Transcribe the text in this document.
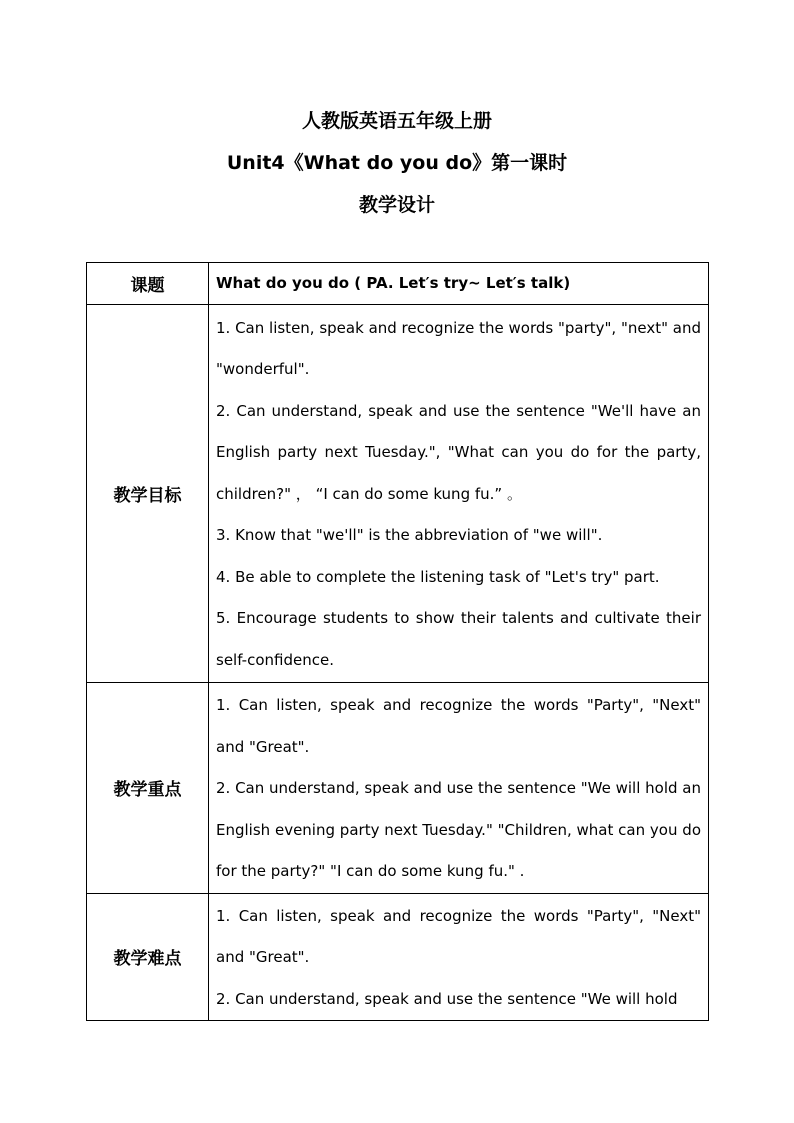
人教版英语五年级上册
Unit4《What do you do》第一课时
教学设计
课题	What do you do ( PA. Let′s try~ Let′s talk)
教学目标	1. Can listen, speak and recognize the words "party", "next" and "wonderful".

2. Can understand, speak and use the sentence "We'll have an English party next Tuesday.", "What can you do for the party, children?" ， “I can do some kung fu.” 。

3. Know that "we'll" is the abbreviation of "we will".

4. Be able to complete the listening task of "Let's try" part.

5. Encourage students to show their talents and cultivate their self-confidence.

教学重点	1. Can listen, speak and recognize the words "Party", "Next" and "Great".

2. Can understand, speak and use the sentence "We will hold an English evening party next Tuesday." "Children, what can you do for the party?" "I can do some kung fu." .

教学难点	1. Can listen, speak and recognize the words "Party", "Next" and "Great".

2. Can understand, speak and use the sentence "We will hold
